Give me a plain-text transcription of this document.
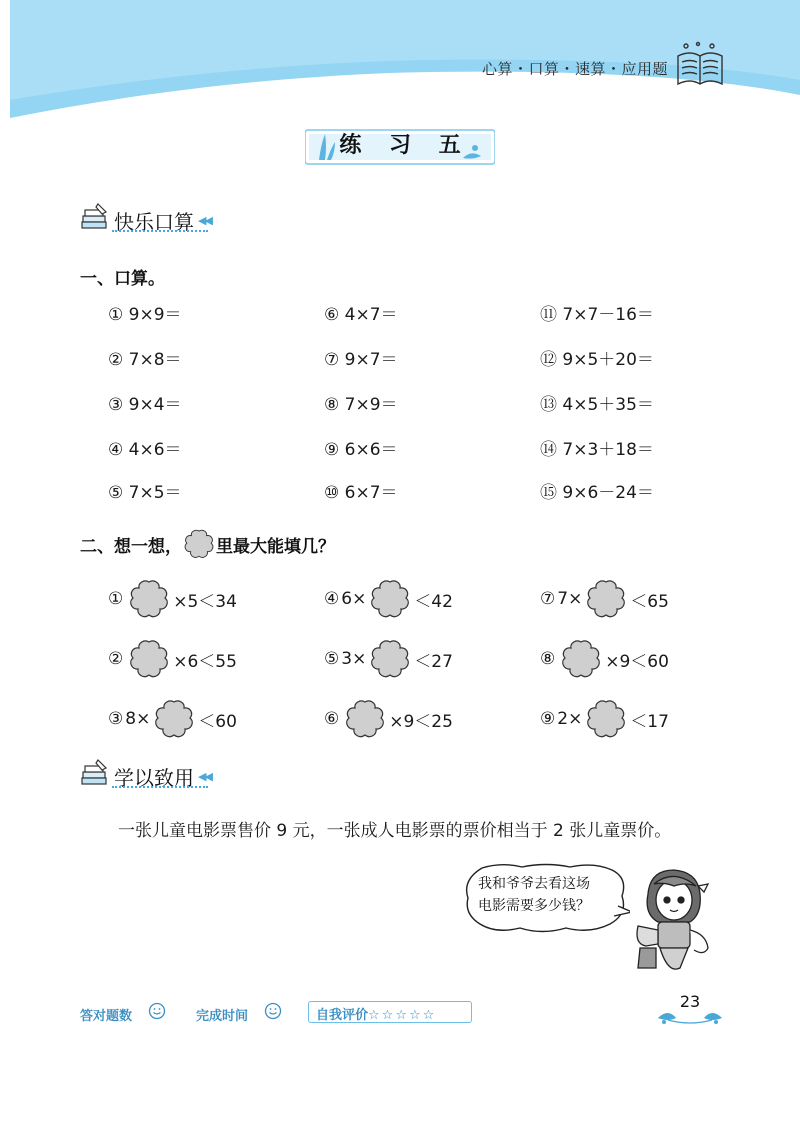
心算・口算・速算・应用题
练 习 五
快乐口算 ◀◀
一、口算。
① 9×9＝
② 7×8＝
③ 9×4＝
④ 4×6＝
⑤ 7×5＝
⑥ 4×7＝
⑦ 9×7＝
⑧ 7×9＝
⑨ 6×6＝
⑩ 6×7＝
⑪ 7×7－16＝
⑫ 9×5＋20＝
⑬ 4×5＋35＝
⑭ 7×3＋18＝
⑮ 9×6－24＝
二、想一想， 里最大能填几？
①	×5＜34
②	×6＜55
③ 8×	＜60
④ 6×	＜42
⑤ 3×	＜27
⑥	×9＜25
⑦ 7×	＜65
⑧	×9＜60
⑨ 2×	＜17
学以致用 ◀◀
一张儿童电影票售价 9 元，一张成人电影票的票价相当于 2 张儿童票价。
我和爷爷去看这场
电影需要多少钱？
答对题数	完成时间	自我评价☆☆☆☆☆
23
